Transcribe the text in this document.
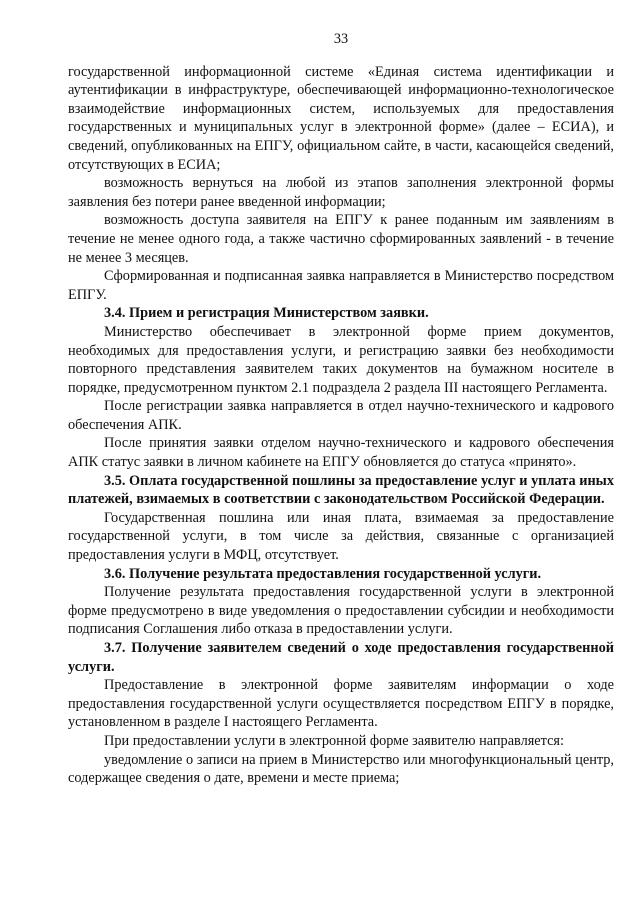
33

государственной информационной системе «Единая система идентификации и аутентификации в инфраструктуре, обеспечивающей информационно-технологическое взаимодействие информационных систем, используемых для предоставления государственных и муниципальных услуг в электронной форме» (далее – ЕСИА), и сведений, опубликованных на ЕПГУ, официальном сайте, в части, касающейся сведений, отсутствующих в ЕСИА;

возможность вернуться на любой из этапов заполнения электронной формы заявления без потери ранее введенной информации;

возможность доступа заявителя на ЕПГУ к ранее поданным им заявлениям в течение не менее одного года, а также частично сформированных заявлений - в течение не менее 3 месяцев.

Сформированная и подписанная заявка направляется в Министерство посредством ЕПГУ.

3.4. Прием и регистрация Министерством заявки.

Министерство обеспечивает в электронной форме прием документов, необходимых для предоставления услуги, и регистрацию заявки без необходимости повторного представления заявителем таких документов на бумажном носителе в порядке, предусмотренном пунктом 2.1 подраздела 2 раздела III настоящего Регламента.

После регистрации заявка направляется в отдел научно-технического и кадрового обеспечения АПК.

После принятия заявки отделом научно-технического и кадрового обеспечения АПК статус заявки в личном кабинете на ЕПГУ обновляется до статуса «принято».

3.5. Оплата государственной пошлины за предоставление услуг и уплата иных платежей, взимаемых в соответствии с законодательством Российской Федерации.

Государственная пошлина или иная плата, взимаемая за предоставление государственной услуги, в том числе за действия, связанные с организацией предоставления услуги в МФЦ, отсутствует.

3.6. Получение результата предоставления государственной услуги.

Получение результата предоставления государственной услуги в электронной форме предусмотрено в виде уведомления о предоставлении субсидии и необходимости подписания Соглашения либо отказа в предоставлении услуги.

3.7. Получение заявителем сведений о ходе предоставления государственной услуги.

Предоставление в электронной форме заявителям информации о ходе предоставления государственной услуги осуществляется посредством ЕПГУ в порядке, установленном в разделе I настоящего Регламента.

При предоставлении услуги в электронной форме заявителю направляется:

уведомление о записи на прием в Министерство или многофункциональный центр, содержащее сведения о дате, времени и месте приема;
